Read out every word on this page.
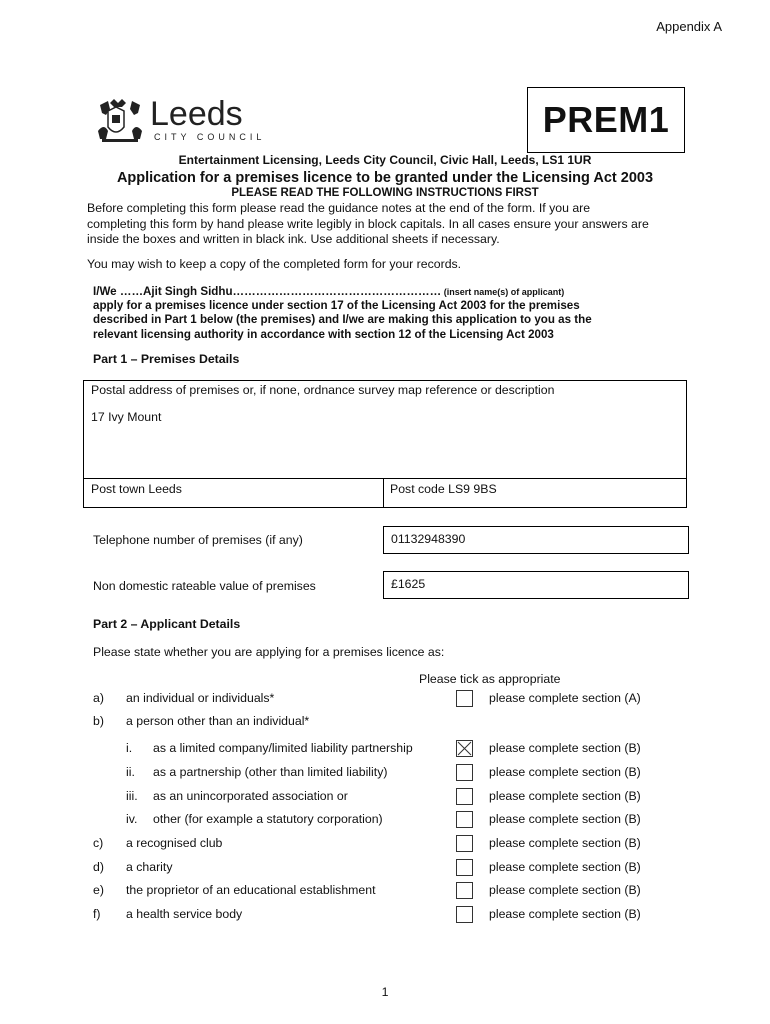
Appendix A
Leeds
CITY COUNCIL	PREM1
Entertainment Licensing, Leeds City Council, Civic Hall, Leeds, LS1 1UR
Application for a premises licence to be granted under the Licensing Act 2003
PLEASE READ THE FOLLOWING INSTRUCTIONS FIRST
Before completing this form please read the guidance notes at the end of the form. If you are
completing this form by hand please write legibly in block capitals. In all cases ensure your answers are
inside the boxes and written in black ink. Use additional sheets if necessary.
You may wish to keep a copy of the completed form for your records.
I/We ……Ajit Singh Sidhu……………………………………………… (insert name(s) of applicant)
apply for a premises licence under section 17 of the Licensing Act 2003 for the premises
described in Part 1 below (the premises) and I/we are making this application to you as the
relevant licensing authority in accordance with section 12 of the Licensing Act 2003
Part 1 – Premises Details
Postal address of premises or, if none, ordnance survey map reference or description
17 Ivy Mount
Post town Leeds	Post code LS9 9BS
Telephone number of premises (if any)	01132948390
Non domestic rateable value of premises	£1625
Part 2 – Applicant Details
Please state whether you are applying for a premises licence as:
Please tick as appropriate
a) an individual or individuals*	please complete section (A)
b) a person other than an individual*
i. as a limited company/limited liability partnership	please complete section (B)
ii. as a partnership (other than limited liability)	please complete section (B)
iii. as an unincorporated association or	please complete section (B)
iv. other (for example a statutory corporation)	please complete section (B)
c) a recognised club	please complete section (B)
d) a charity	please complete section (B)
e) the proprietor of an educational establishment	please complete section (B)
f) a health service body	please complete section (B)
1
